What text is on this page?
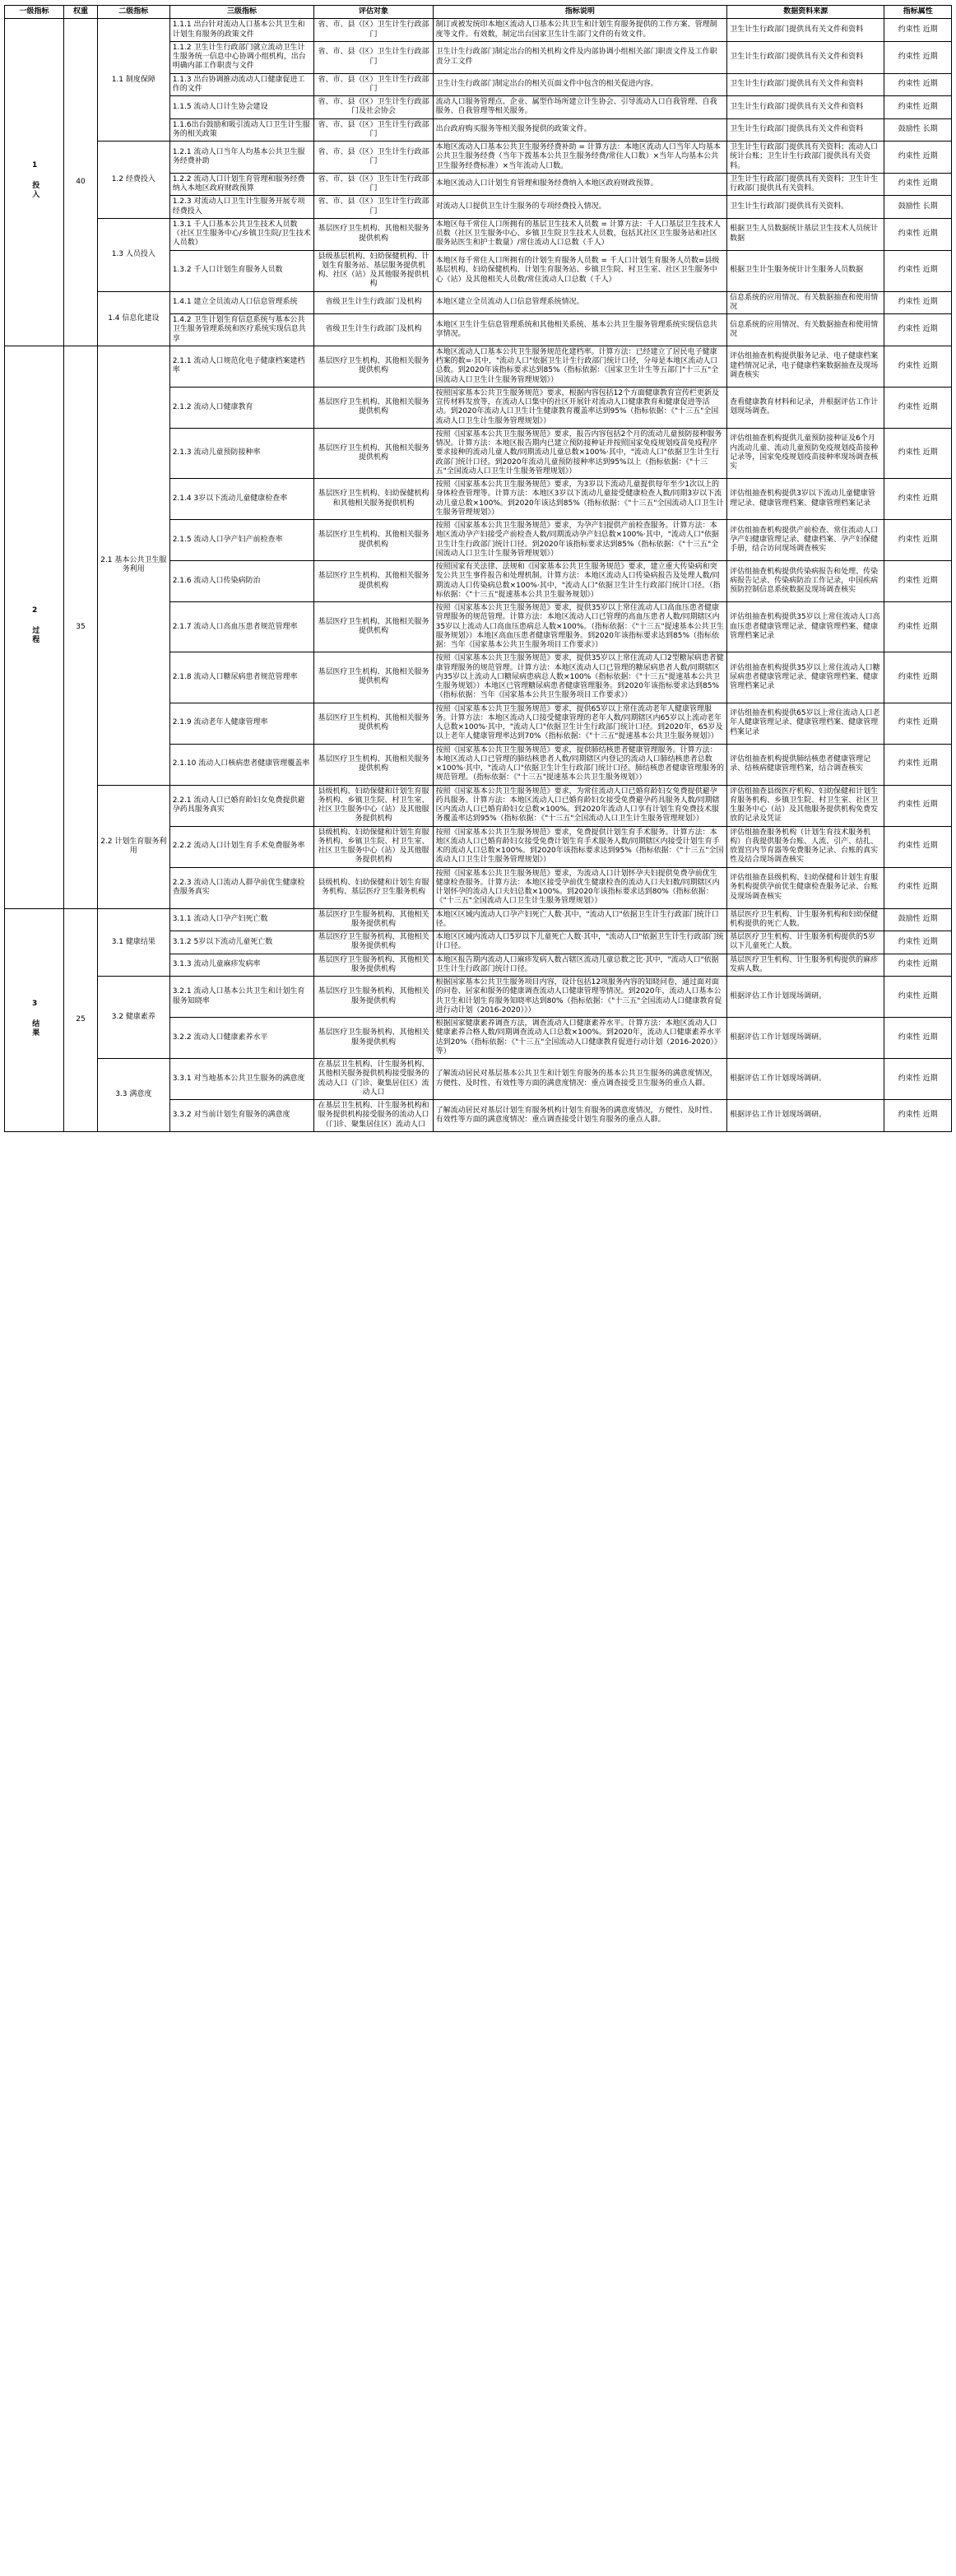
一级指标	权重	二级指标	三级指标	评估对象	指标说明	数据资料来源	指标属性
1 投入	40	1.1 制度保障	1.1.1 出台针对流动人口基本公共卫生和计划生育服务的政策文件	省、市、县（区）卫生计生行政部门	制订或被发统印本地区流动人口基本公共卫生和计划生育服务提供的工作方案、管理制度等文件。有效数，制定出台国家卫生计生部门文件的有效文件。	卫生计生行政部门提供具有关文件和资料	约束性 近期
			1.1.2 卫生计生行政部门就立流动卫生计生服务统一信息中心协调小组机构，出台明确内部工作职责与文件	省、市、县（区）卫生计生行政部门	卫生计生行政部门制定出台的相关机构文件及内部协调小组相关部门职责文件及工作职责分工文件	卫生计生行政部门提供具有关文件和资料	约束性 近期
			1.1.3 出台协调推动流动人口健康促进工作的文件	省、市、县（区）卫生计生行政部门	卫生计生行政部门制定出台的相关页面文件中包含的相关促进内容。	卫生计生行政部门提供具有关文件和资料	约束性 近期
			1.1.5 流动人口计生协会建设	省、市、县（区）卫生计生行政部门及社会协会	流动人口服务管理点、企业、属型作场所建立计生协会、引导流动人口自我管理、自我服务、自我管理等相关服务。	卫生计生行政部门提供具有关文件和资料	约束性 近期
			1.1.6出台鼓励和吸引流动人口卫生计生服务的相关政策	省、市、县（区）卫生计生行政部门	出台政府购买服务等相关服务提供的政策文件。	卫生计生行政部门提供具有关文件和资料	鼓励性 长期
		1.2 经费投入	1.2.1 流动人口当年人均基本公共卫生服务经费补助	省、市、县（区）卫生计生行政部门	本地区流动人口基本公共卫生服务经费补助 = 计算方法：本地区流动人口当年人均基本公共卫生服务经费（当年下拨基本公共卫生服务经费/常住人口数）×当年人均基本公共卫生服务经费标准）×当年流动人口数。	卫生计生行政部门提供具有关资料；流动人口统计台账；卫生计生行政部门提供具有关资料。	约束性 近期
			1.2.2 流动人口计划生育管理和服务经费纳入本地区政府财政预算	省、市、县（区）卫生计生行政部门	本地区流动人口计划生育管理和服务经费纳入本地区政府财政预算。	卫生计生行政部门提供具有关资料；卫生计生行政部门提供具有关资料。	约束性 近期
			1.2.3 对流动人口卫生计生服务开展专项经费投入	省、市、县（区）卫生计生行政部门	对流动人口提供卫生计生服务的专项经费投入情况。	卫生计生行政部门提供具有关资料。	鼓励性 长期
		1.3 人员投入	1.3.1 千人口基本公共卫生技术人员数（社区卫生服务中心/乡镇卫生院/卫生技术人员数）	基层医疗卫生机构、其他相关服务提供机构	本地区每千常住人口所拥有的基层卫生技术人员数 = 计算方法：千人口基层卫生技术人员数（社区卫生服务中心、乡镇卫生院卫生技术人员数，包括其社区卫生服务站和社区服务站医生和护士数量）/常住流动人口总数（千人）	根据卫生人员数据统计基层卫生技术人员统计数据	约束性 近期
			1.3.2 千人口计划生育服务人员数	县级基层机构、妇幼保健机构、计划生育服务站、基层服务提供机构、社区（站）及其他服务提供机构	本地区每千常住人口所拥有的计划生育服务人员数 = 千人口计划生育服务人员数=县级基层机构、妇幼保健机构、计划生育服务站、乡镇卫生院、村卫生室、社区卫生服务中心（站）及其他相关人员数/常住流动人口总数（千人）	根据卫生计生服务统计计生服务人员数据	约束性 近期
		1.4 信息化建设	1.4.1 建立全员流动人口信息管理系统	省级卫生计生行政部门及机构	本地区建立全员流动人口信息管理系统情况。	信息系统的应用情况、有关数据抽查和使用情况	约束性 近期
			1.4.2 卫生计划生育信息系统与基本公共卫生服务管理系统和医疗系统实现信息共享	省级卫生计生行政部门及机构	本地区卫生计生信息管理系统和其他相关系统、基本公共卫生服务管理系统实现信息共享情况。	信息系统的应用情况、有关数据抽查和使用情况	约束性 近期
2 过程	35	2.1 基本公共卫生服务利用	2.1.1 流动人口规范化电子健康档案建档率	基层医疗卫生机构、其他相关服务提供机构	本地区流动人口基本公共卫生服务规范化建档率。计算方法：已经建立了居民电子健康档案的数=·其中，"流动人口"依据卫生计生行政部门统计口径，分母是本地区流动人口总数。到2020年该指标要求达到85%（指标依据：《国家卫生计生等五部门"十三五"全国流动人口卫生计生服务管理规划》）	评估组抽查机构提供服务记录、电子健康档案建档情况记录，电子健康档案数据抽查及现场调查核实	约束性 近期
			2.1.2 流动人口健康教育	基层医疗卫生机构、其他相关服务提供机构	按照国家基本公共卫生服务规范》要求，根据内容包括12个方面健康教育宣传栏更新及宣传材料发放等，在流动人口集中的社区开展针对流动人口健康教育和健康促进等活动。到2020年流动人口卫生计生健康教育覆盖率达到95%（指标依据：《"十三五"全国流动人口卫生计生服务管理规划》）	查看健康教育材料和记录，并根据评估工作计划现场调查。	约束性 近期
			2.1.3 流动儿童预防接种率	基层医疗卫生机构、其他相关服务提供机构	按照《国家基本公共卫生服务规范》要求，报告内容包括2个月的流动儿童预防接种服务情况。计算方法：本地区报告期内已建立预防接种证并按照国家免疫规划疫苗免疫程序要求接种的流动儿童人数/同期流动儿童总数×100%·其中，"流动人口"依据卫生计生行政部门统计口径。到2020年流动儿童预防接种率达到95%以上（指标依据：《"十三五"全国流动人口卫生计生服务管理规划》）	评估组抽查机构提供儿童预防接种证及6个月内流动儿童、流动儿童预防免疫规划疫苗接种记录等，国家免疫规划疫苗接种率现场调查核实	约束性 近期
			2.1.4 3岁以下流动儿童健康检查率	基层医疗卫生机构、妇幼保健机构和其他相关服务提供机构	按照《国家基本公共卫生服务规范》要求，为3岁以下流动儿童提供每年至少1次以上的身体检查管理等。计算方法：本地区3岁以下流动儿童接受健康检查人数/同期3岁以下流动儿童总数×100%。到2020年该达到85%（指标依据：《"十三五"全国流动人口卫生计生服务管理规划》）	评估组抽查机构提供3岁以下流动儿童健康管理记录、健康管理档案、健康管理档案记录	约束性 近期
			2.1.5 流动人口孕产妇产前检查率	基层医疗卫生机构、其他相关服务提供机构	按照《国家基本公共卫生服务规范》要求，为孕产妇提供产前检查服务。计算方法：本地区流动孕产妇接受产前检查人数/同期流动孕产妇总数×100%·其中，"流动人口"依据卫生计生行政部门统计口径。到2020年该指标要求达到85%（指标依据：《"十三五"全国流动人口卫生计生服务管理规划》）	评估组抽查机构提供产前检查、常住流动人口孕产妇健康管理记录、健康档案、孕产妇保健手册，结合访问现场调查核实	约束性 近期
			2.1.6 流动人口传染病防治	基层医疗卫生机构、其他相关服务提供机构	按照国家有关法律、法规和《国家基本公共卫生服务规范》要求，建立重大传染病和突发公共卫生事件报告和处理机制。计算方法：本地区流动人口传染病报告及处理人数/同期流动人口传染病总数×100%·其中，"流动人口"依据卫生计生行政部门统计口径。（指标依据：《"十三五"提速基本公共卫生服务规划》）	评估组抽查机构提供传染病报告和处理、传染病报告记录、传染病防治工作记录，中国疾病预防控制信息系统数据及现场调查核实	约束性 近期
			2.1.7 流动人口高血压患者规范管理率	基层医疗卫生机构、其他相关服务提供机构	按照《国家基本公共卫生服务规范》要求，提供35岁以上常住流动人口高血压患者健康管理服务的规范管理。计算方法：本地区流动人口已管理的高血压患者人数/同期辖区内35岁以上流动人口高血压患病总人数×100%。（指标依据：《"十三五"提速基本公共卫生服务规划》）本地区高血压患者健康管理服务。到2020年该指标要求达到85%（指标依据：当年《国家基本公共卫生服务项目工作要求》）	评估组抽查机构提供35岁以上常住流动人口高血压患者健康管理记录、健康管理档案、健康管理档案记录	约束性 近期
			2.1.8 流动人口糖尿病患者规范管理率	基层医疗卫生机构、其他相关服务提供机构	按照《国家基本公共卫生服务规范》要求，提供35岁以上常住流动人口2型糖尿病患者健康管理服务的规范管理。计算方法：本地区流动人口已管理的糖尿病患者人数/同期辖区内35岁以上流动人口糖尿病患病总人数×100%（指标依据：《"十三五"提速基本公共卫生服务规划》）本地区已管理糖尿病患者健康管理服务。到2020年该指标要求达到85%（指标依据：当年《国家基本公共卫生服务项目工作要求》）	评估组抽查机构提供35岁以上常住流动人口糖尿病患者健康管理记录、健康管理档案、健康管理档案记录	约束性 近期
			2.1.9 流动老年人健康管理率	基层医疗卫生机构、其他相关服务提供机构	按照《国家基本公共卫生服务规范》要求，提供65岁以上常住流动老年人健康管理服务。计算方法：本地区流动人口接受健康管理的老年人数/同期辖区内65岁以上流动老年人总数×100%·其中，"流动人口"依据卫生计生行政部门统计口径。到2020年，65岁及以上老年人健康管理率达到70%（指标依据：《"十三五"提速基本公共卫生服务规划》）	评估组抽查机构提供65岁以上常住流动人口老年人健康管理记录、健康管理档案、健康管理档案记录	约束性 近期
			2.1.10 流动人口核病患者健康管理覆盖率	基层医疗卫生机构、其他相关服务提供机构	按照《国家基本公共卫生服务规范》要求，提供肺结核患者健康管理服务。计算方法：本地区流动人口已管理的肺结核患者人数/同期辖区内登记的流动人口肺结核患者总数×100%·其中，"流动人口"依据卫生计生行政部门统计口径。肺结核患者健康管理服务的规范管理。（指标依据：《"十三五"提速基本公共卫生服务规划》）	评估组抽查机构提供肺结核患者健康管理记录、结核病健康管理档案，结合调查核实	约束性 近期
		2.2 计划生育服务利用	2.2.1 流动人口已婚育龄妇女免费提供避孕药具服务真实	县级机构、妇幼保健和计划生育服务机构、乡镇卫生院、村卫生室、社区卫生服务中心（站）及其他服务提供机构	按照《国家基本公共卫生服务规范》要求，为常住流动人口已婚育龄妇女免费提供避孕药具服务。计算方法：本地区流动人口已婚育龄妇女接受免费避孕药具服务人数/同期辖区内流动人口已婚育龄妇女总数×100%。到2020年流动人口享有计划生育免费技术服务覆盖率达到95%（指标依据：《"十三五"全国流动人口卫生计生服务管理规划》）	评估组抽查县级医疗机构、妇幼保健和计划生育服务机构、乡镇卫生院、村卫生室、社区卫生服务中心（站）及其他服务提供机构免费发放的记录及凭证	约束性 近期
			2.2.2 流动人口计划生育手术免费服务率	县级机构、妇幼保健和计划生育服务机构、乡镇卫生院、村卫生室、社区卫生服务中心（站）及其他服务提供机构	按照《国家基本公共卫生服务规范》要求，免费提供计划生育手术服务。计算方法：本地区流动人口已婚育龄妇女接受免费计划生育手术服务人数/同期辖区内接受计划生育手术的流动人口总数×100%。到2020年该指标要求达到95%（指标依据：《"十三五"全国流动人口卫生计生服务管理规划》）	评估组抽查服务机构（计划生育技术服务机构）自我提供服务台账、人流、引产、结扎、放置宫内节育器等免费服务记录、台账的真实性及结合现场调查核实	约束性 近期
			2.2.3 流动人口流动人群孕前优生健康检查服务真实	县级机构、妇幼保健和计划生育服务机构、基层医疗卫生服务机构	按照《国家基本公共卫生服务规范》要求，为流动人口计划怀孕夫妇提供免费孕前优生健康检查服务。计算方法：本地区接受孕前优生健康检查的流动人口夫妇数/同期辖区内计划怀孕的流动人口夫妇总数×100%。到2020年该指标要求达到80%（指标依据：《"十三五"全国流动人口卫生计生服务管理规划》）	评估组抽查县级机构、妇幼保健和计划生育服务机构提供孕前优生健康检查服务记录、台账及现场调查核实	约束性 近期
3 结果	25	3.1 健康结果	3.1.1 流动人口孕产妇死亡数	基层医疗卫生服务机构、其他相关服务提供机构	本地区区域内流动人口孕产妇死亡人数·其中，"流动人口"依据卫生计生行政部门统计口径。	基层医疗卫生机构、计生服务机构和妇幼保健机构提供的死亡人数。	鼓励性 近期
			3.1.2 5岁以下流动儿童死亡数	基层医疗卫生服务机构、其他相关服务提供机构	本地区区域内流动人口5岁以下儿童死亡人数·其中，"流动人口"依据卫生计生行政部门统计口径。	基层医疗卫生机构、计生服务机构提供的5岁以下儿童死亡人数。	约束性 近期
			3.1.3 流动儿童麻疹发病率	基层医疗卫生服务机构、其他相关服务提供机构	本地区报告期内流动人口麻疹发病人数占辖区流动儿童总数之比·其中，"流动人口"依据卫生计生行政部门统计口径。	基层医疗卫生机构、计生服务机构提供的麻疹发病人数。	约束性 近期
		3.2 健康素养	3.2.1 流动人口基本公共卫生和计划生育服务知晓率	基层医疗卫生服务机构、其他相关服务提供机构	根据国家基本公共卫生服务项目内容，设计包括12项服务内容的知晓问卷，通过面对面的问卷、居家和服务的健康调查流动人口健康管理等情况。到2020年，流动人口基本公共卫生和计划生育服务知晓率达到80%（指标依据：《"十三五"全国流动人口健康教育促进行动计划（2016-2020）》）	根据评估工作计划现场调研。	约束性 近期
			3.2.2 流动人口健康素养水平	基层医疗卫生服务机构、其他相关服务提供机构	根据国家健康素养调查方法，调查流动人口健康素养水平。计算方法：本地区流动人口健康素养合格人数/同期调查流动人口总数×100%。到2020年，流动人口健康素养水平达到20%（指标依据：《"十三五"全国流动人口健康教育促进行动计划（2016-2020）》等）	根据评估工作计划现场调研。	约束性 近期
		3.3 满意度	3.3.1 对当地基本公共卫生服务的满意度	在基层卫生机构、计生服务机构、其他相关服务提供机构接受服务的流动人口（门诊、聚集居住区）流动人口	了解流动居民对基层基本公共卫生和计划生育服务的基本公共卫生服务的满意度情况，方便性、及时性、有效性等方面的满意度情况：重点调查接受卫生服务的重点人群。	根据评估工作计划现场调研。	约束性 近期
			3.3.2 对当前计划生育服务的满意度	在基层卫生机构、计生服务机构和服务提供机构接受服务的流动人口（门诊、聚集居住区）流动人口	了解流动居民对基层计划生育服务机构计划生育服务的满意度情况，方便性、及时性、有效性等方面的满意度情况：重点调查接受计划生育服务的重点人群。	根据评估工作计划现场调研。	约束性 近期
